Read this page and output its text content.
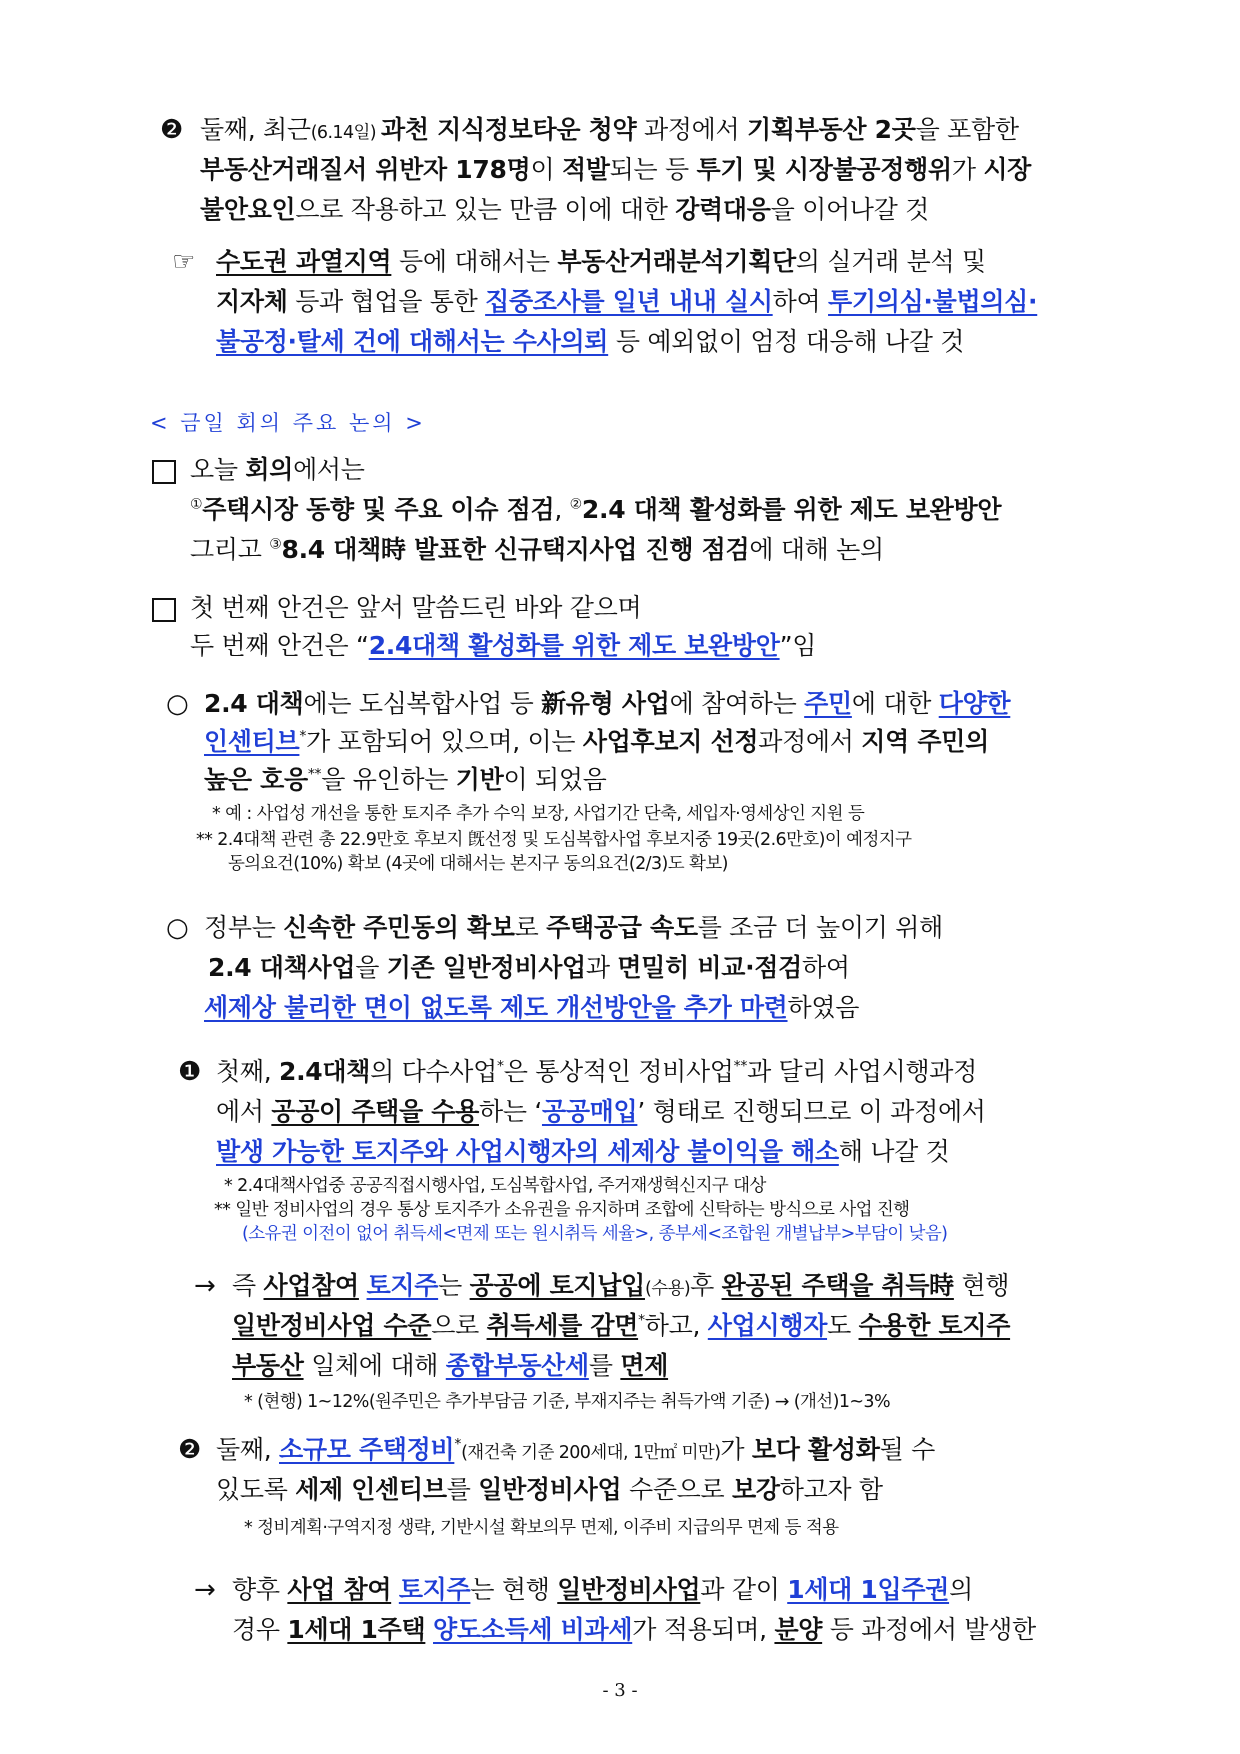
❷ 둘째, 최근(6.14일) 과천 지식정보타운 청약 과정에서 기획부동산 2곳을 포함한
부동산거래질서 위반자 178명이 적발되는 등 투기 및 시장불공정행위가 시장
불안요인으로 작용하고 있는 만큼 이에 대한 강력대응을 이어나갈 것
☞ 수도권 과열지역 등에 대해서는 부동산거래분석기획단의 실거래 분석 및
지자체 등과 협업을 통한 집중조사를 일년 내내 실시하여 투기의심·불법의심·
불공정·탈세 건에 대해서는 수사의뢰 등 예외없이 엄정 대응해 나갈 것
< 금일 회의 주요 논의 >
오늘 회의에서는
①주택시장 동향 및 주요 이슈 점검, ②2.4 대책 활성화를 위한 제도 보완방안
그리고 ③8.4 대책時 발표한 신규택지사업 진행 점검에 대해 논의
첫 번째 안건은 앞서 말씀드린 바와 같으며
두 번째 안건은 “2.4대책 활성화를 위한 제도 보완방안”임
○ 2.4 대책에는 도심복합사업 등 新유형 사업에 참여하는 주민에 대한 다양한
인센티브*가 포함되어 있으며, 이는 사업후보지 선정과정에서 지역 주민의
높은 호응**을 유인하는 기반이 되었음
* 예 : 사업성 개선을 통한 토지주 추가 수익 보장, 사업기간 단축, 세입자·영세상인 지원 등
** 2.4대책 관련 총 22.9만호 후보지 旣선정 및 도심복합사업 후보지중 19곳(2.6만호)이 예정지구
동의요건(10%) 확보 (4곳에 대해서는 본지구 동의요건(2/3)도 확보)
○ 정부는 신속한 주민동의 확보로 주택공급 속도를 조금 더 높이기 위해
2.4 대책사업을 기존 일반정비사업과 면밀히 비교·점검하여
세제상 불리한 면이 없도록 제도 개선방안을 추가 마련하였음
❶ 첫째, 2.4대책의 다수사업*은 통상적인 정비사업**과 달리 사업시행과정
에서 공공이 주택을 수용하는 ‘공공매입’ 형태로 진행되므로 이 과정에서
발생 가능한 토지주와 사업시행자의 세제상 불이익을 해소해 나갈 것
* 2.4대책사업중 공공직접시행사업, 도심복합사업, 주거재생혁신지구 대상
** 일반 정비사업의 경우 통상 토지주가 소유권을 유지하며 조합에 신탁하는 방식으로 사업 진행
(소유권 이전이 없어 취득세<면제 또는 원시취득 세율>, 종부세<조합원 개별납부>부담이 낮음)
→ 즉 사업참여 토지주는 공공에 토지납입(수용)후 완공된 주택을 취득時 현행
일반정비사업 수준으로 취득세를 감면*하고, 사업시행자도 수용한 토지주
부동산 일체에 대해 종합부동산세를 면제
* (현행) 1~12%(원주민은 추가부담금 기준, 부재지주는 취득가액 기준) → (개선)1~3%
❷ 둘째, 소규모 주택정비*(재건축 기준 200세대, 1만㎡ 미만)가 보다 활성화될 수
있도록 세제 인센티브를 일반정비사업 수준으로 보강하고자 함
* 정비계획·구역지정 생략, 기반시설 확보의무 면제, 이주비 지급의무 면제 등 적용
→ 향후 사업 참여 토지주는 현행 일반정비사업과 같이 1세대 1입주권의
경우 1세대 1주택 양도소득세 비과세가 적용되며, 분양 등 과정에서 발생한
- 3 -
